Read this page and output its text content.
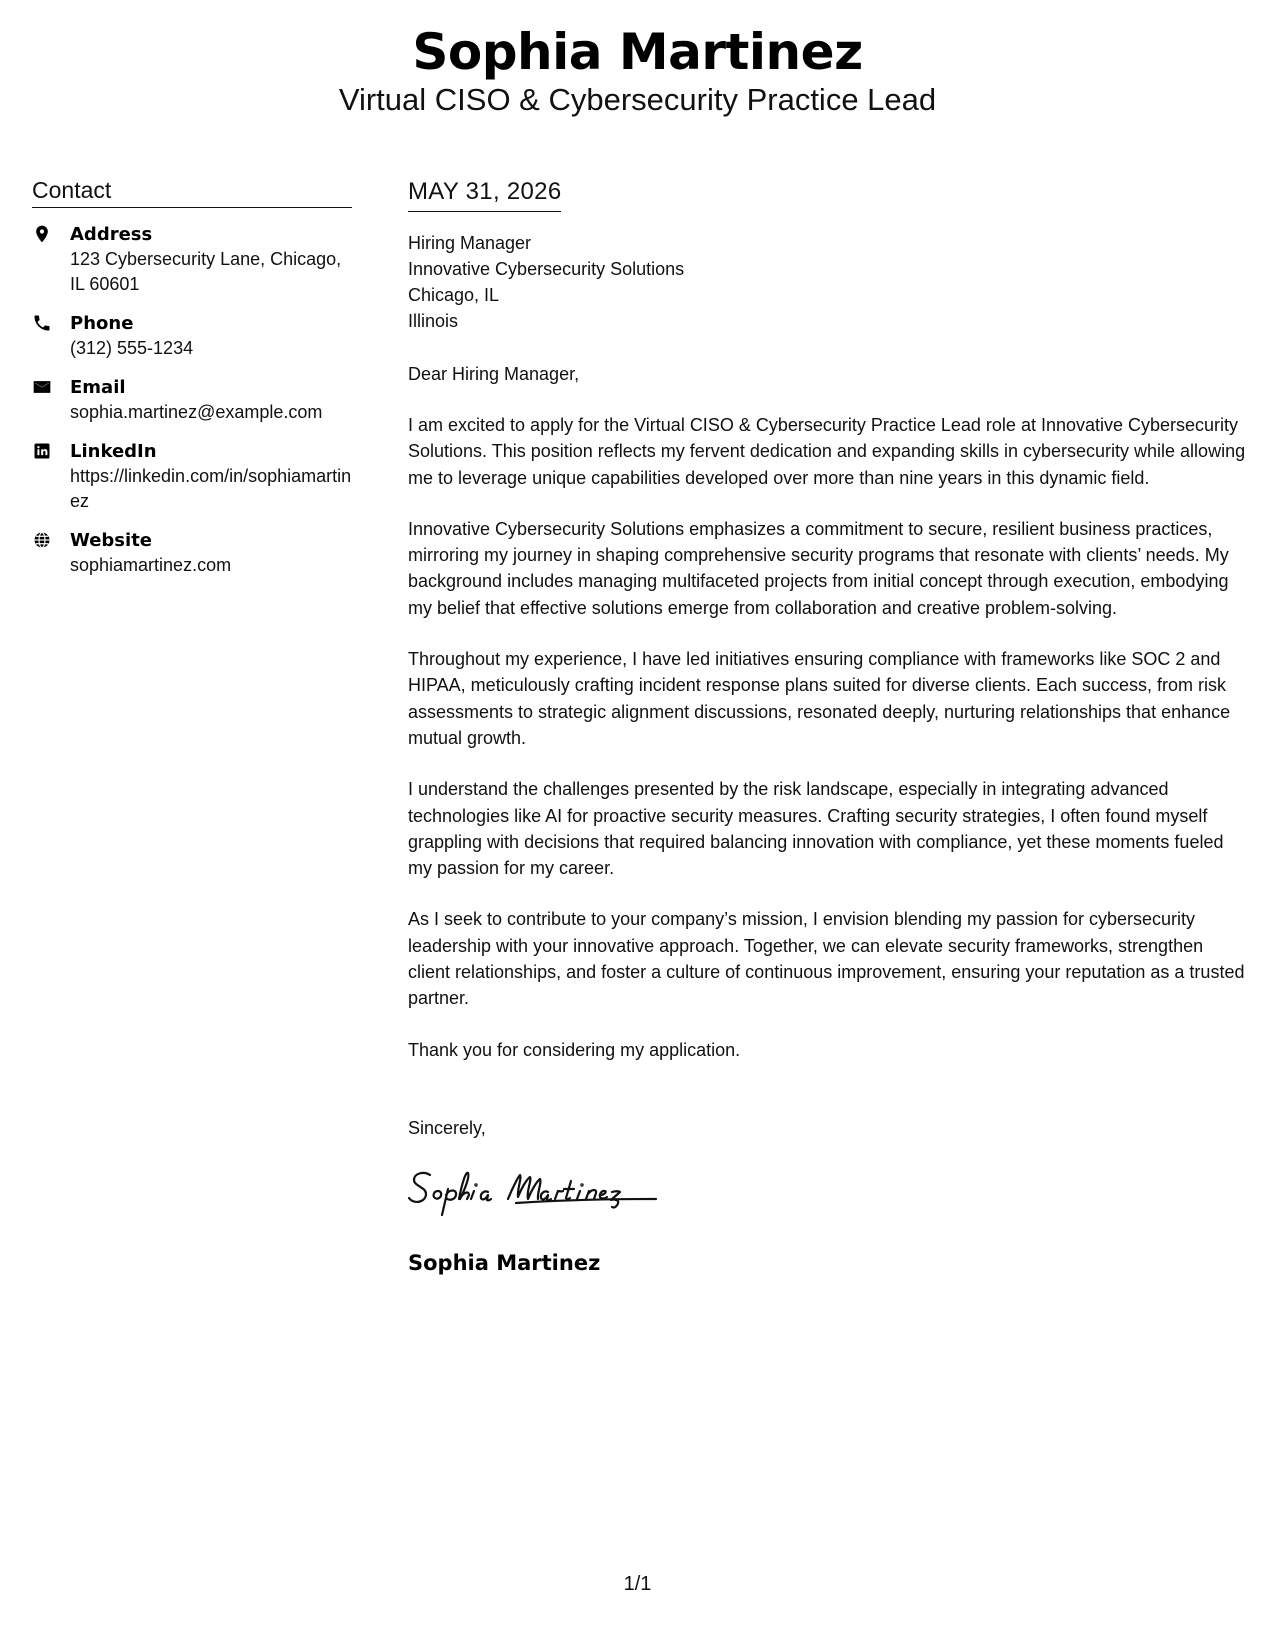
Sophia Martinez
Virtual CISO & Cybersecurity Practice Lead
Contact
Address
123 Cybersecurity Lane, Chicago, IL 60601
Phone
(312) 555-1234
Email
sophia.martinez@example.com
LinkedIn
https://linkedin.com/in/sophiamartinez
Website
sophiamartinez.com
MAY 31, 2026
Hiring Manager
Innovative Cybersecurity Solutions
Chicago, IL
Illinois
Dear Hiring Manager,
I am excited to apply for the Virtual CISO & Cybersecurity Practice Lead role at Innovative Cybersecurity Solutions. This position reflects my fervent dedication and expanding skills in cybersecurity while allowing me to leverage unique capabilities developed over more than nine years in this dynamic field.
Innovative Cybersecurity Solutions emphasizes a commitment to secure, resilient business practices, mirroring my journey in shaping comprehensive security programs that resonate with clients’ needs. My background includes managing multifaceted projects from initial concept through execution, embodying my belief that effective solutions emerge from collaboration and creative problem-solving.
Throughout my experience, I have led initiatives ensuring compliance with frameworks like SOC 2 and HIPAA, meticulously crafting incident response plans suited for diverse clients. Each success, from risk assessments to strategic alignment discussions, resonated deeply, nurturing relationships that enhance mutual growth.
I understand the challenges presented by the risk landscape, especially in integrating advanced technologies like AI for proactive security measures. Crafting security strategies, I often found myself grappling with decisions that required balancing innovation with compliance, yet these moments fueled my passion for my career.
As I seek to contribute to your company’s mission, I envision blending my passion for cybersecurity leadership with your innovative approach. Together, we can elevate security frameworks, strengthen client relationships, and foster a culture of continuous improvement, ensuring your reputation as a trusted partner.
Thank you for considering my application.
Sincerely,
Sophia Martinez
1/1
